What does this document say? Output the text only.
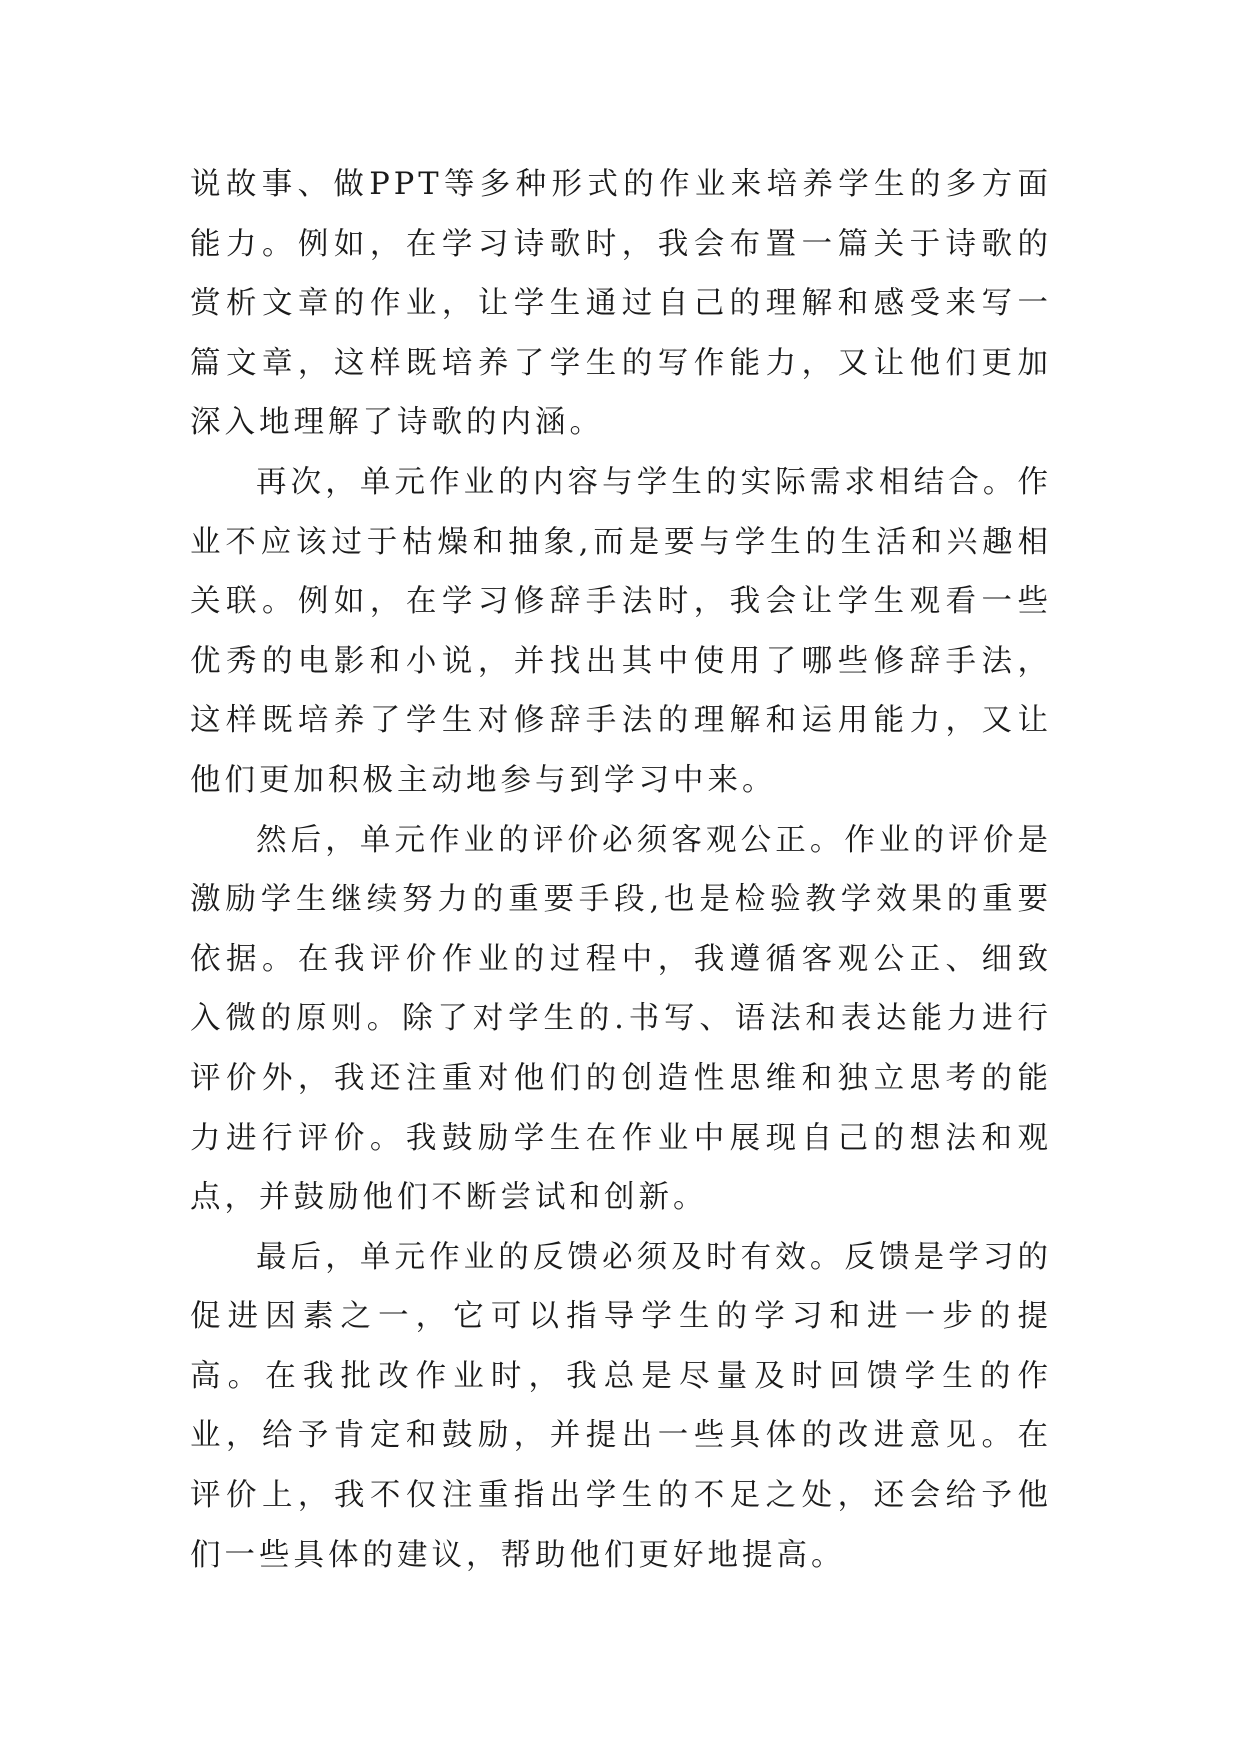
说故事、做PPT等多种形式的作业来培养学生的多方面能力。例如，在学习诗歌时，我会布置一篇关于诗歌的赏析文章的作业，让学生通过自己的理解和感受来写一篇文章，这样既培养了学生的写作能力，又让他们更加深入地理解了诗歌的内涵。

再次，单元作业的内容与学生的实际需求相结合。作业不应该过于枯燥和抽象,而是要与学生的生活和兴趣相关联。例如，在学习修辞手法时，我会让学生观看一些优秀的电影和小说，并找出其中使用了哪些修辞手法，这样既培养了学生对修辞手法的理解和运用能力，又让他们更加积极主动地参与到学习中来。

然后，单元作业的评价必须客观公正。作业的评价是激励学生继续努力的重要手段,也是检验教学效果的重要依据。在我评价作业的过程中，我遵循客观公正、细致入微的原则。除了对学生的.书写、语法和表达能力进行评价外，我还注重对他们的创造性思维和独立思考的能力进行评价。我鼓励学生在作业中展现自己的想法和观点，并鼓励他们不断尝试和创新。

最后，单元作业的反馈必须及时有效。反馈是学习的促进因素之一，它可以指导学生的学习和进一步的提高。在我批改作业时，我总是尽量及时回馈学生的作业，给予肯定和鼓励，并提出一些具体的改进意见。在评价上，我不仅注重指出学生的不足之处，还会给予他们一些具体的建议，帮助他们更好地提高。
